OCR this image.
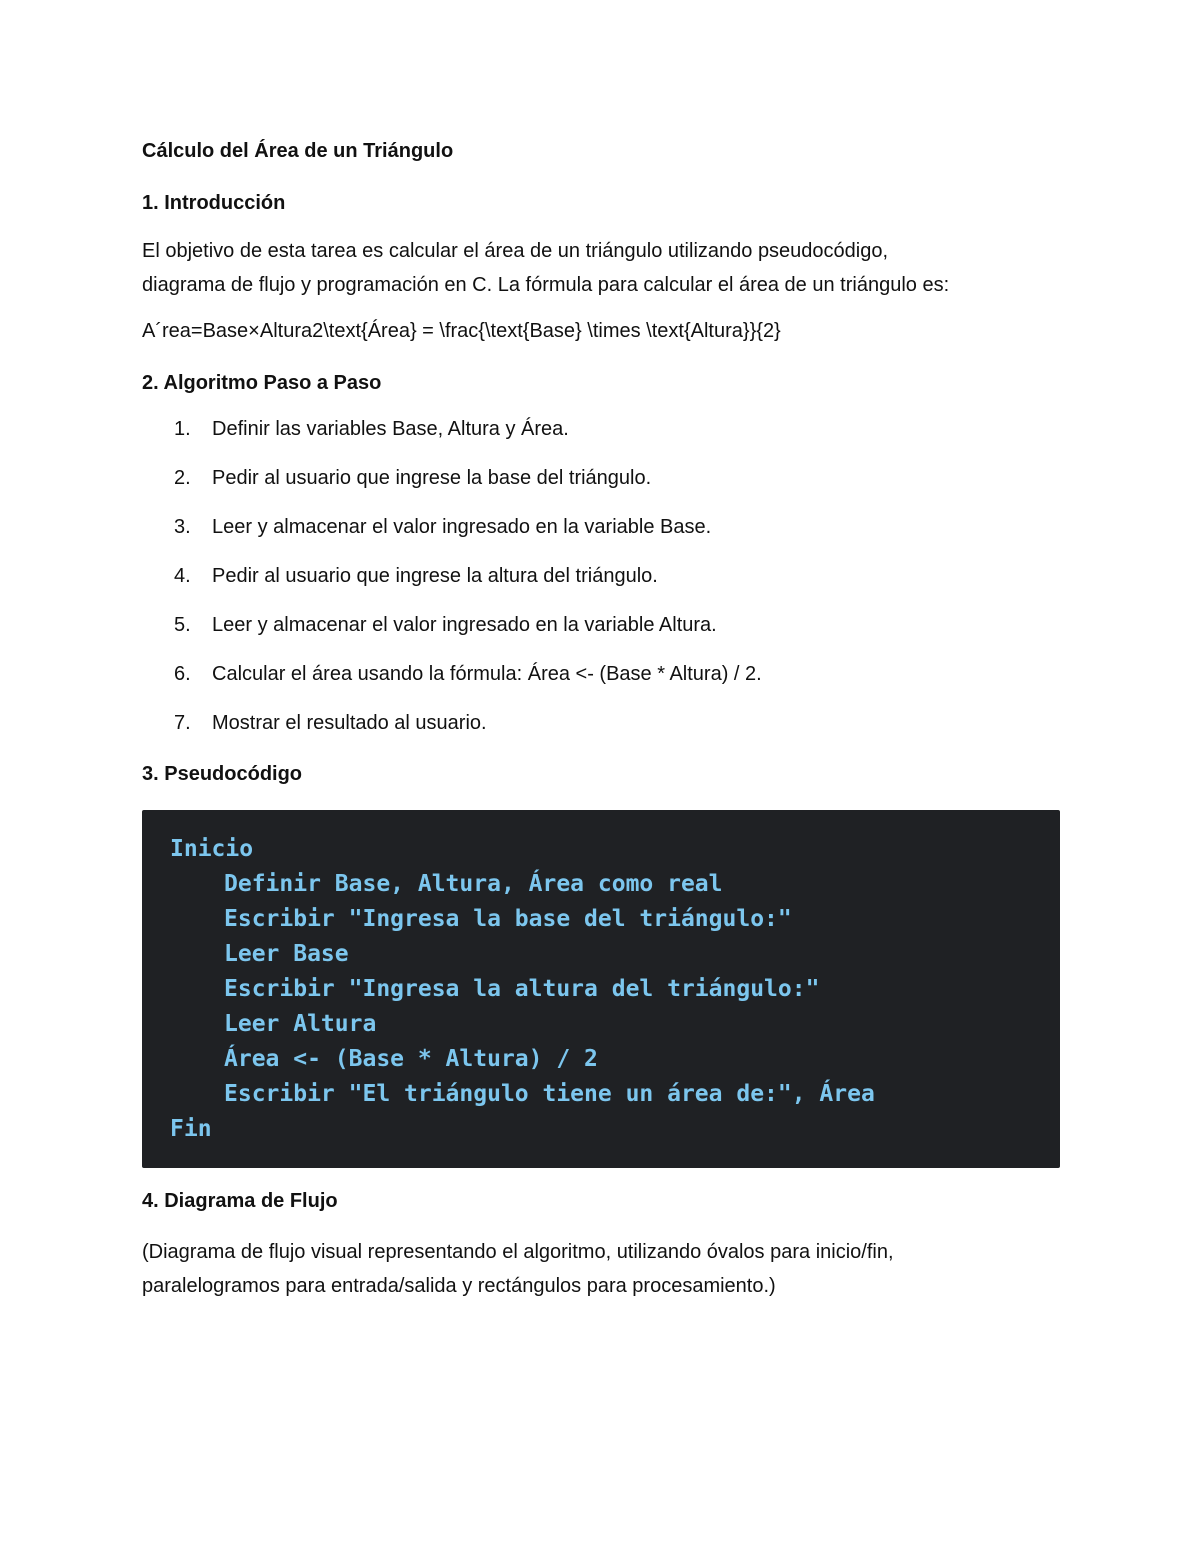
Cálculo del Área de un Triángulo
1. Introducción
El objetivo de esta tarea es calcular el área de un triángulo utilizando pseudocódigo,
diagrama de flujo y programación en C. La fórmula para calcular el área de un triángulo es:
A´rea=Base×Altura2\text{Área} = \frac{\text{Base} \times \text{Altura}}{2}
2. Algoritmo Paso a Paso
1.	Definir las variables Base, Altura y Área.
2.	Pedir al usuario que ingrese la base del triángulo.
3.	Leer y almacenar el valor ingresado en la variable Base.
4.	Pedir al usuario que ingrese la altura del triángulo.
5.	Leer y almacenar el valor ingresado en la variable Altura.
6.	Calcular el área usando la fórmula: Área <- (Base * Altura) / 2.
7.	Mostrar el resultado al usuario.
3. Pseudocódigo
Inicio
Definir Base, Altura, Área como real
Escribir "Ingresa la base del triángulo:"
Leer Base
Escribir "Ingresa la altura del triángulo:"
Leer Altura
Área <- (Base * Altura) / 2
Escribir "El triángulo tiene un área de:", Área
Fin
4. Diagrama de Flujo
(Diagrama de flujo visual representando el algoritmo, utilizando óvalos para inicio/fin,
paralelogramos para entrada/salida y rectángulos para procesamiento.)
